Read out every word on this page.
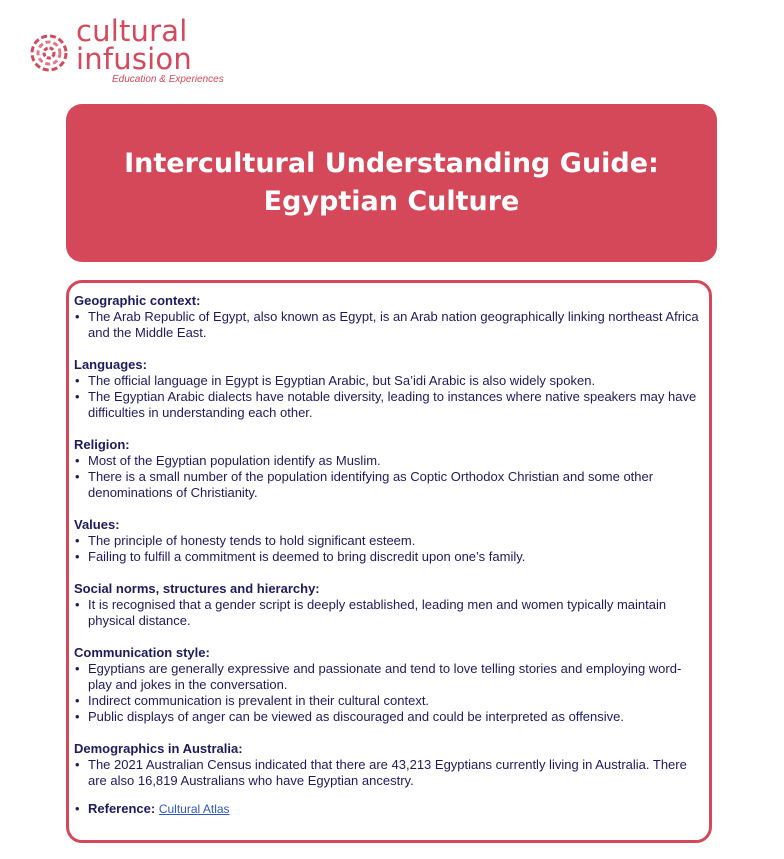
cultural
infusion
Education & Experiences
Intercultural Understanding Guide:
Egyptian Culture

Geographic context:

• The Arab Republic of Egypt, also known as Egypt, is an Arab nation geographically linking northeast Africa and the Middle East.

Languages:

• The official language in Egypt is Egyptian Arabic, but Sa’idi Arabic is also widely spoken.
• The Egyptian Arabic dialects have notable diversity, leading to instances where native speakers may have difficulties in understanding each other.

Religion:

• Most of the Egyptian population identify as Muslim.
• There is a small number of the population identifying as Coptic Orthodox Christian and some other denominations of Christianity.

Values:

• The principle of honesty tends to hold significant esteem.
• Failing to fulfill a commitment is deemed to bring discredit upon one’s family.

Social norms, structures and hierarchy:

• It is recognised that a gender script is deeply established, leading men and women typically maintain physical distance.

Communication style:

• Egyptians are generally expressive and passionate and tend to love telling stories and employing word-play and jokes in the conversation.
• Indirect communication is prevalent in their cultural context.
• Public displays of anger can be viewed as discouraged and could be interpreted as offensive.

Demographics in Australia:

• The 2021 Australian Census indicated that there are 43,213 Egyptians currently living in Australia. There are also 16,819 Australians who have Egyptian ancestry.
• Reference: Cultural Atlas
